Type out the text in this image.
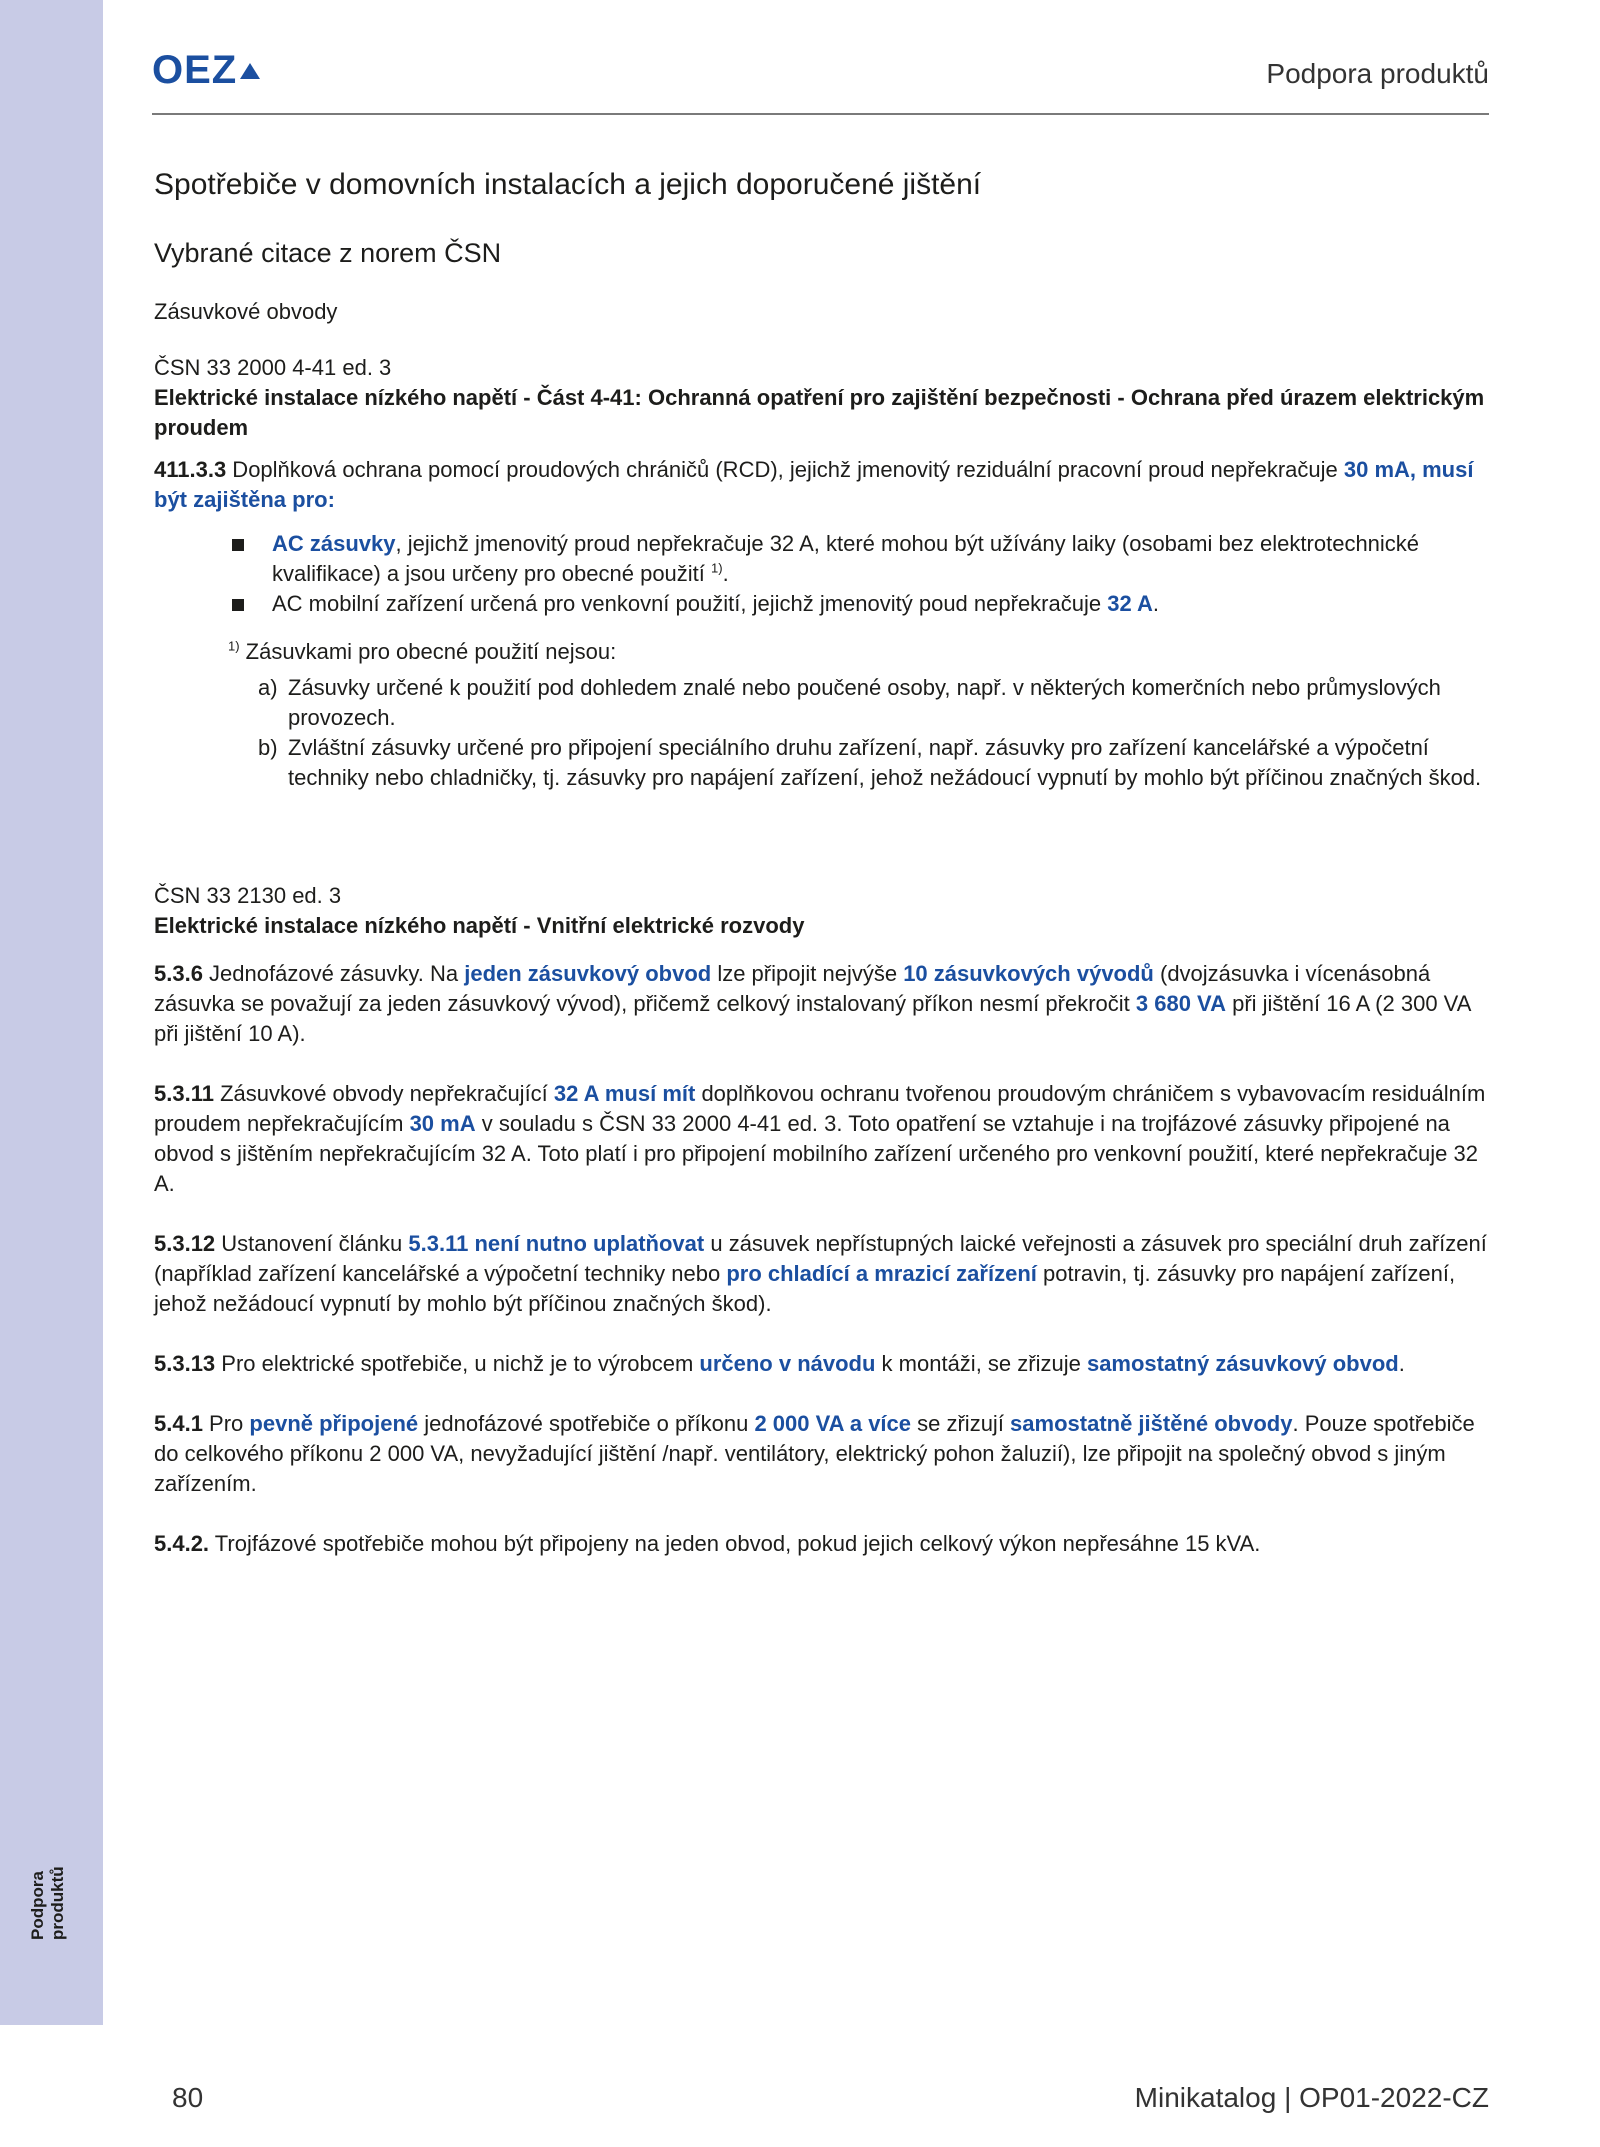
Podpora produktů
OEZ	Podpora produktů
Spotřebiče v domovních instalacích a jejich doporučené jištění
Vybrané citace z norem ČSN
Zásuvkové obvody

ČSN 33 2000 4-41 ed. 3

Elektrické instalace nízkého napětí - Část 4-41: Ochranná opatření pro zajištění bezpečnosti - Ochrana před úrazem elektrickým proudem

411.3.3 Doplňková ochrana pomocí proudových chráničů (RCD), jejichž jmenovitý reziduální pracovní proud nepřekračuje 30 mA, musí být zajištěna pro:

AC zásuvky, jejichž jmenovitý proud nepřekračuje 32 A, které mohou být užívány laiky (osobami bez elektrotechnické kvalifikace) a jsou určeny pro obecné použití $^{1)}$.
AC mobilní zařízení určená pro venkovní použití, jejichž jmenovitý poud nepřekračuje 32 A.

$^{1)}$ Zásuvkami pro obecné použití nejsou:

a) Zásuvky určené k použití pod dohledem znalé nebo poučené osoby, např. v některých komerčních nebo průmyslových provozech.
b) Zvláštní zásuvky určené pro připojení speciálního druhu zařízení, např. zásuvky pro zařízení kancelářské a výpočetní techniky nebo chladničky, tj. zásuvky pro napájení zařízení, jehož nežádoucí vypnutí by mohlo být příčinou značných škod.

ČSN 33 2130 ed. 3

Elektrické instalace nízkého napětí - Vnitřní elektrické rozvody

5.3.6 Jednofázové zásuvky. Na jeden zásuvkový obvod lze připojit nejvýše 10 zásuvkových vývodů (dvojzásuvka i vícenásobná zásuvka se považují za jeden zásuvkový vývod), přičemž celkový instalovaný příkon nesmí překročit 3 680 VA při jištění 16 A (2 300 VA při jištění 10 A).

5.3.11 Zásuvkové obvody nepřekračující 32 A musí mít doplňkovou ochranu tvořenou proudovým chráničem s vybavovacím residuálním proudem nepřekračujícím 30 mA v souladu s ČSN 33 2000 4-41 ed. 3. Toto opatření se vztahuje i na trojfázové zásuvky připojené na obvod s jištěním nepřekračujícím 32 A. Toto platí i pro připojení mobilního zařízení určeného pro venkovní použití, které nepřekračuje 32 A.

5.3.12 Ustanovení článku 5.3.11 není nutno uplatňovat u zásuvek nepřístupných laické veřejnosti a zásuvek pro speciální druh zařízení (například zařízení kancelářské a výpočetní techniky nebo pro chladící a mrazicí zařízení potravin, tj. zásuvky pro napájení zařízení, jehož nežádoucí vypnutí by mohlo být příčinou značných škod).

5.3.13 Pro elektrické spotřebiče, u nichž je to výrobcem určeno v návodu k montáži, se zřizuje samostatný zásuvkový obvod.

5.4.1 Pro pevně připojené jednofázové spotřebiče o příkonu 2 000 VA a více se zřizují samostatně jištěné obvody. Pouze spotřebiče do celkového příkonu 2 000 VA, nevyžadující jištění /např. ventilátory, elektrický pohon žaluzií), lze připojit na společný obvod s jiným zařízením.

5.4.2. Trojfázové spotřebiče mohou být připojeny na jeden obvod, pokud jejich celkový výkon nepřesáhne 15 kVA.

80	Minikatalog | OP01-2022-CZ
